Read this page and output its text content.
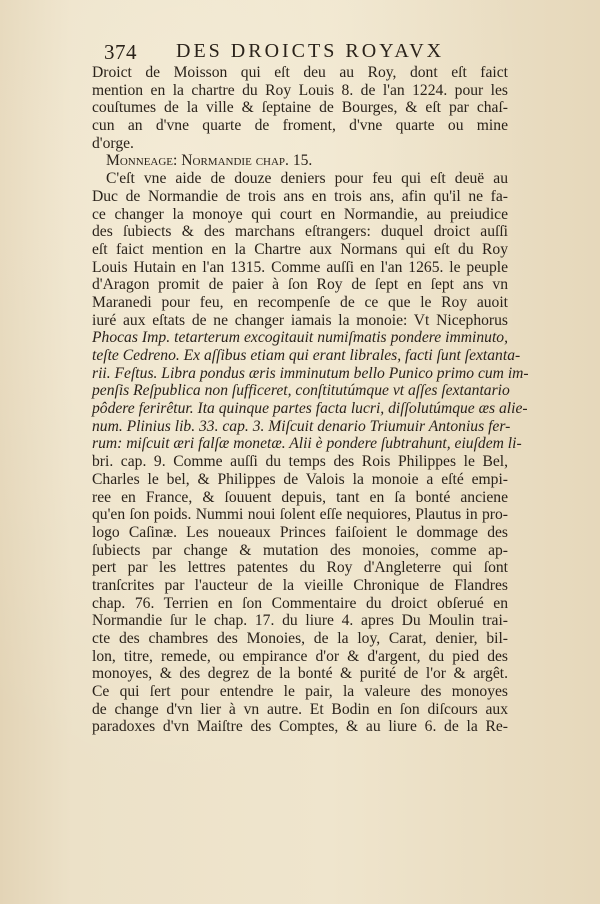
374 DES DROICTS ROYAVX
Droict de Moisson qui eſt deu au Roy, dont eſt faict
mention en la chartre du Roy Louis 8. de l'an 1224. pour les
couſtumes de la ville & ſeptaine de Bourges, & eſt par chaſ-
cun an d'vne quarte de froment, d'vne quarte ou mine
d'orge.
Monneage: Normandie chap. 15.
C'eſt vne aide de douze deniers pour feu qui eſt deuë au
Duc de Normandie de trois ans en trois ans, afin qu'il ne fa-
ce changer la monoye qui court en Normandie, au preiudice
des ſubiects & des marchans eſtrangers: duquel droict auſſi
eſt faict mention en la Chartre aux Normans qui eſt du Roy
Louis Hutain en l'an 1315. Comme auſſi en l'an 1265. le peuple
d'Aragon promit de paier à ſon Roy de ſept en ſept ans vn
Maranedi pour feu, en recompenſe de ce que le Roy auoit
iuré aux eſtats de ne changer iamais la monoie: Vt Nicephorus
Phocas Imp. tetarterum excogitauit numiſmatis pondere imminuto,
teſte Cedreno. Ex aſſibus etiam qui erant librales, facti ſunt ſextanta-
rii. Feſtus. Libra pondus æris imminutum bello Punico primo cum im-
penſis Reſpublica non ſufficeret, conſtitutúmque vt aſſes ſextantario
pôdere ferirêtur. Ita quinque partes facta lucri, diſſolutúmque æs alie-
num. Plinius lib. 33. cap. 3. Miſcuit denario Triumuir Antonius fer-
rum: miſcuit æri falſæ monetæ. Alii è pondere ſubtrahunt, eiuſdem li-
bri. cap. 9. Comme auſſi du temps des Rois Philippes le Bel,
Charles le bel, & Philippes de Valois la monoie a eſté empi-
ree en France, & ſouuent depuis, tant en ſa bonté anciene
qu'en ſon poids. Nummi noui ſolent eſſe nequiores, Plautus in pro-
logo Caſinæ. Les noueaux Princes faiſoient le dommage des
ſubiects par change & mutation des monoies, comme ap-
pert par les lettres patentes du Roy d'Angleterre qui ſont
tranſcrites par l'aucteur de la vieille Chronique de Flandres
chap. 76. Terrien en ſon Commentaire du droict obſerué en
Normandie ſur le chap. 17. du liure 4. apres Du Moulin trai-
cte des chambres des Monoies, de la loy, Carat, denier, bil-
lon, titre, remede, ou empirance d'or & d'argent, du pied des
monoyes, & des degrez de la bonté & purité de l'or & argêt.
Ce qui ſert pour entendre le pair, la valeure des monoyes
de change d'vn lier à vn autre. Et Bodin en ſon diſcours aux
paradoxes d'vn Maiſtre des Comptes, & au liure 6. de la Re-
